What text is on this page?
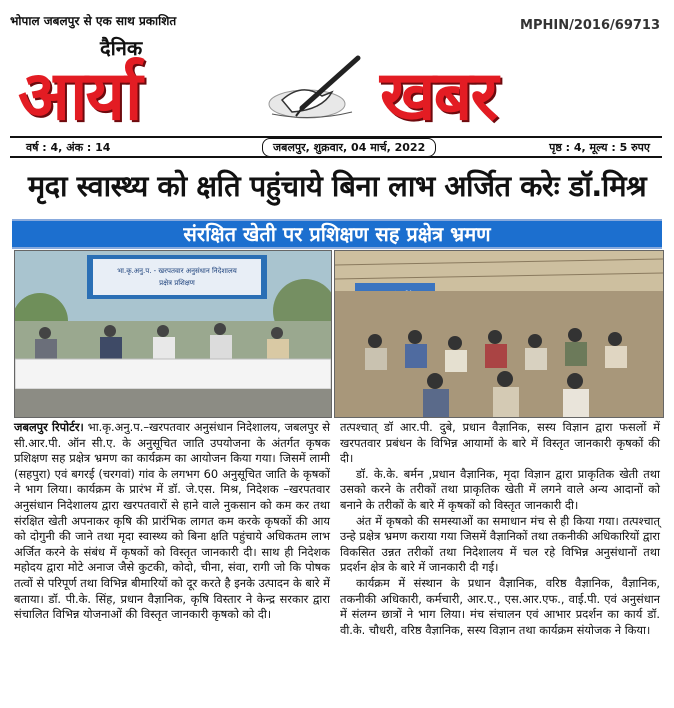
भोपाल जबलपुर से एक साथ प्रकाशित	MPHIN/2016/69713
दैनिक
आर्या	खबर
वर्ष : 4, अंक : 14	जबलपुर, शुक्रवार, 04 मार्च, 2022	पृष्ठ : 4, मूल्य : 5 रुपए
मृदा स्वास्थ्य को क्षति पहुंचाये बिना लाभ अर्जित करेः डॉ.मिश्र
संरक्षित खेती पर प्रशिक्षण सह प्रक्षेत्र भ्रमण
भा.कृ.अनु.प. - खरपतवार अनुसंधान निदेशालय
प्रक्षेत्र प्रशिक्षण

जबलपुर रिपोर्टर। भा.कृ.अनु.प.–खरपतवार अनुसंधान निदेशालय, जबलपुर से सी.आर.पी. ऑन सी.ए. के अनुसूचित जाति उपयोजना के अंतर्गत कृषक प्रशिक्षण सह प्रक्षेत्र भ्रमण का कार्यक्रम का आयोजन किया गया। जिसमें लामी (सहपुरा) एवं बगरई (चरगवां) गांव के लगभग 60 अनुसूचित जाति के कृषकों ने भाग लिया। कार्यक्रम के प्रारंभ में डॉ. जे.एस. मिश्र, निदेशक –खरपतवार अनुसंधान निदेशालय द्वारा खरपतवारों से हाने वाले नुकसान को कम कर तथा संरक्षित खेती अपनाकर कृषि की प्रारंभिक लागत कम करके कृषकों की आय को दोगुनी की जाने तथा मृदा स्वास्थ्य को बिना क्षति पहुंचाये अधिकतम लाभ अर्जित करने के संबंध में कृषकों को विस्तृत जानकारी दी। साथ ही निदेशक महोदय द्वारा मोटे अनाज जैसे कुटकी, कोदो, चीना, संवा, रागी जो कि पोषक तत्वों से परिपूर्ण तथा विभिन्न बीमारियों को दूर करते है इनके उत्पादन के बारे में बताया। डॉ. पी.के. सिंह, प्रधान वैज्ञानिक, कृषि विस्तार ने केन्द्र सरकार द्वारा संचालित विभिन्न योजनाओं की विस्तृत जानकारी कृषको को दी।

तत्पश्चात् डॉ आर.पी. दुबे, प्रधान वैज्ञानिक, सस्य विज्ञान द्वारा फसलों में खरपतवार प्रबंधन के विभिन्न आयामों के बारे में विस्तृत जानकारी कृषकों की दी।

डॉ. के.के. बर्मन ,प्रधान वैज्ञानिक, मृदा विज्ञान द्वारा प्राकृतिक खेती तथा उसको करने के तरीकों तथा प्राकृतिक खेती में लगने वाले अन्य आदानों को बनाने के तरीकों के बारे में कृषकों को विस्तृत जानकारी दी।

अंत में कृषको की समस्याओं का समाधान मंच से ही किया गया। तत्पश्चात् उन्हे प्रक्षेत्र भ्रमण कराया गया जिसमें वैज्ञानिकों तथा तकनीकी अधिकारियों द्वारा विकसित उन्नत तरीकों तथा निदेशालय में चल रहे विभिन्न अनुसंधानों तथा प्रदर्शन क्षेत्र के बारे में जानकारी दी गई।

कार्यक्रम में संस्थान के प्रधान वैज्ञानिक, वरिष्ठ वैज्ञानिक, वैज्ञानिक, तकनीकी अधिकारी, कर्मचारी, आर.ए., एस.आर.एफ., वाई.पी. एवं अनुसंधान में संलग्न छात्रों ने भाग लिया। मंच संचालन एवं आभार प्रदर्शन का कार्य डॉ. वी.के. चौधरी, वरिष्ठ वैज्ञानिक, सस्य विज्ञान तथा कार्यक्रम संयोजक ने किया।
